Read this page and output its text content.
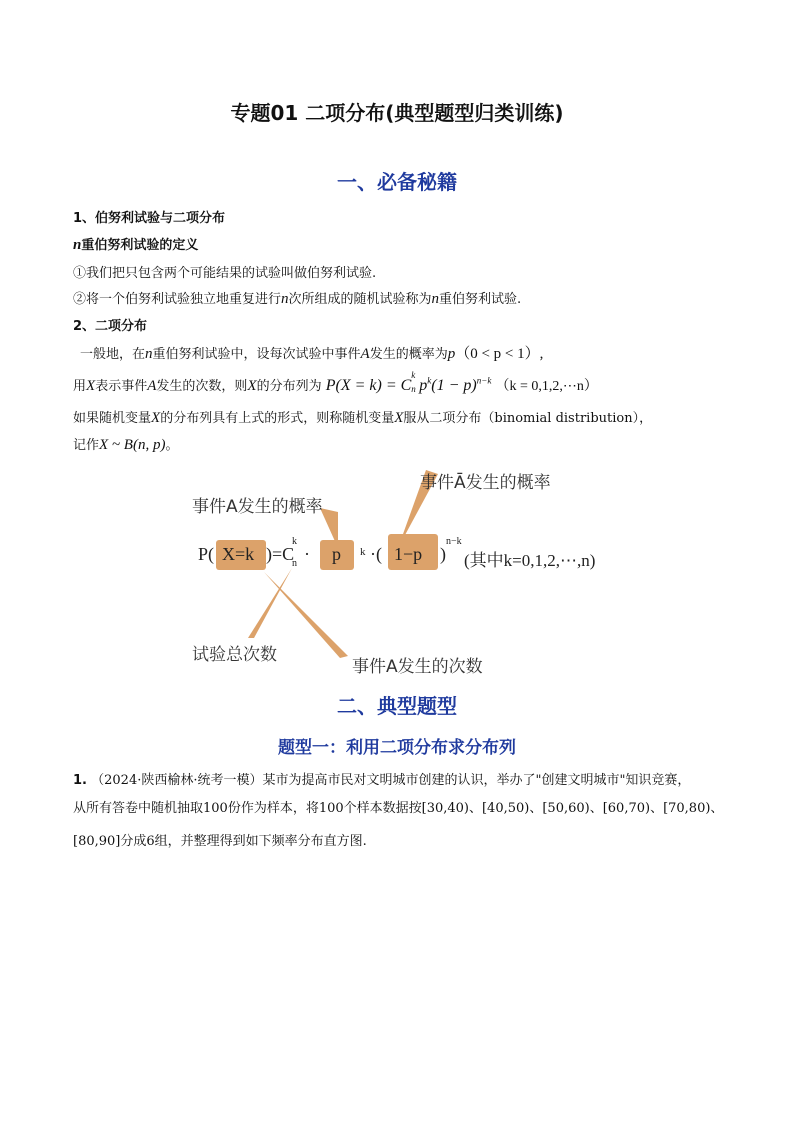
专题01 二项分布(典型题型归类训练)
一、必备秘籍
1、伯努利试验与二项分布
n重伯努利试验的定义
①我们把只包含两个可能结果的试验叫做伯努利试验.
②将一个伯努利试验独立地重复进行n次所组成的随机试验称为n重伯努利试验.
2、二项分布
一般地，在n重伯努利试验中，设每次试验中事件A发生的概率为p（0 < p < 1）,
用X表示事件A发生的次数，则X的分布列为 P(X = k) = C
k
n $p^k(1 - p)^{n-k}$ （k = 0,1,2,⋯n）
如果随机变量X的分布列具有上式的形式，则称随机变量X服从二项分布（binomial distribution），
记作X ~ B(n, p)。
事件A发生的概率
事件Ā发生的概率
试验总次数
事件A发生的次数
P( X=k )=C
k
n · p k ·( 1−p )
n−k
(其中k=0,1,2,⋯,n)
二、典型题型
题型一：利用二项分布求分布列
1. （2024·陕西榆林·统考一模）某市为提高市民对文明城市创建的认识，举办了"创建文明城市"知识竞赛，
从所有答卷中随机抽取100份作为样本，将100个样本数据按[30,40)、[40,50)、[50,60)、[60,70)、[70,80)、
[80,90]分成6组，并整理得到如下频率分布直方图.
